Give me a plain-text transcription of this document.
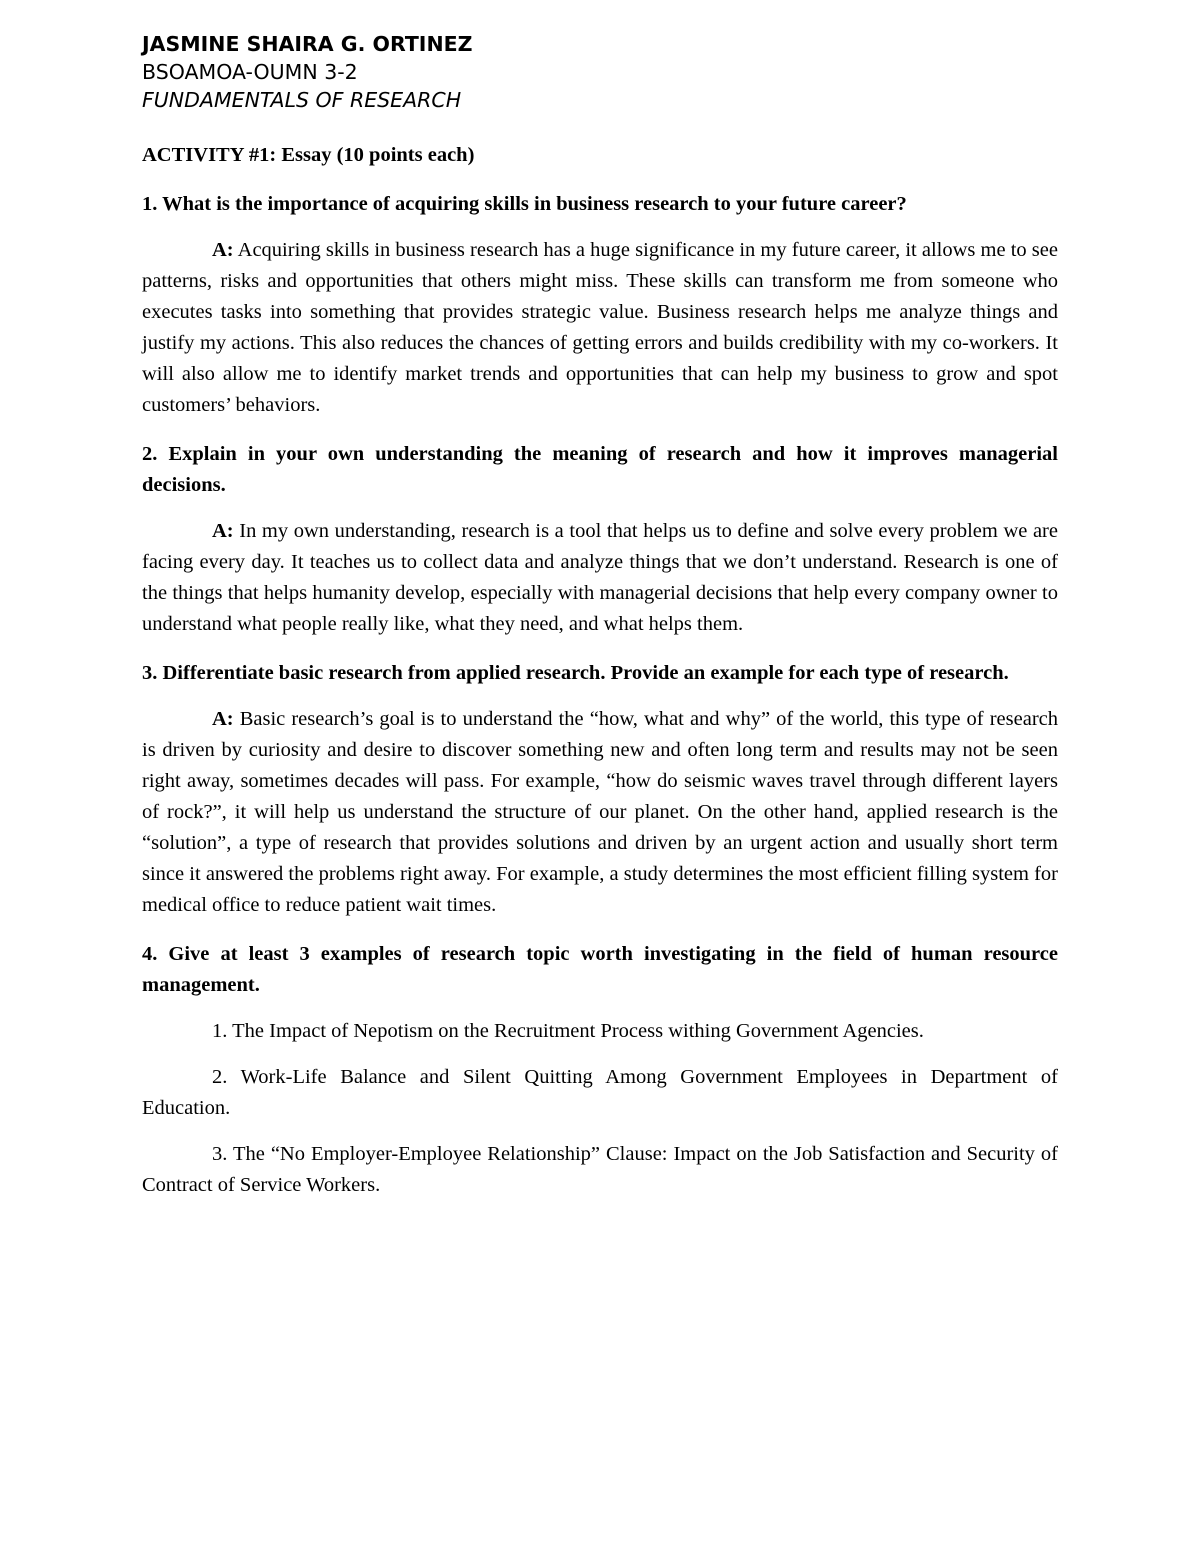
JASMINE SHAIRA G. ORTINEZ

BSOAMOA-OUMN 3-2

FUNDAMENTALS OF RESEARCH

ACTIVITY #1: Essay (10 points each)

1. What is the importance of acquiring skills in business research to your future career?

A: Acquiring skills in business research has a huge significance in my future career, it allows me to see patterns, risks and opportunities that others might miss. These skills can transform me from someone who executes tasks into something that provides strategic value. Business research helps me analyze things and justify my actions. This also reduces the chances of getting errors and builds credibility with my co-workers. It will also allow me to identify market trends and opportunities that can help my business to grow and spot customers’ behaviors.

2. Explain in your own understanding the meaning of research and how it improves managerial decisions.

A: In my own understanding, research is a tool that helps us to define and solve every problem we are facing every day. It teaches us to collect data and analyze things that we don’t understand. Research is one of the things that helps humanity develop, especially with managerial decisions that help every company owner to understand what people really like, what they need, and what helps them.

3. Differentiate basic research from applied research. Provide an example for each type of research.

A: Basic research’s goal is to understand the “how, what and why” of the world, this type of research is driven by curiosity and desire to discover something new and often long term and results may not be seen right away, sometimes decades will pass. For example, “how do seismic waves travel through different layers of rock?”, it will help us understand the structure of our planet. On the other hand, applied research is the “solution”, a type of research that provides solutions and driven by an urgent action and usually short term since it answered the problems right away. For example, a study determines the most efficient filling system for medical office to reduce patient wait times.

4. Give at least 3 examples of research topic worth investigating in the field of human resource management.

1. The Impact of Nepotism on the Recruitment Process withing Government Agencies.

2. Work-Life Balance and Silent Quitting Among Government Employees in Department of Education.

3. The “No Employer-Employee Relationship” Clause: Impact on the Job Satisfaction and Security of Contract of Service Workers.
